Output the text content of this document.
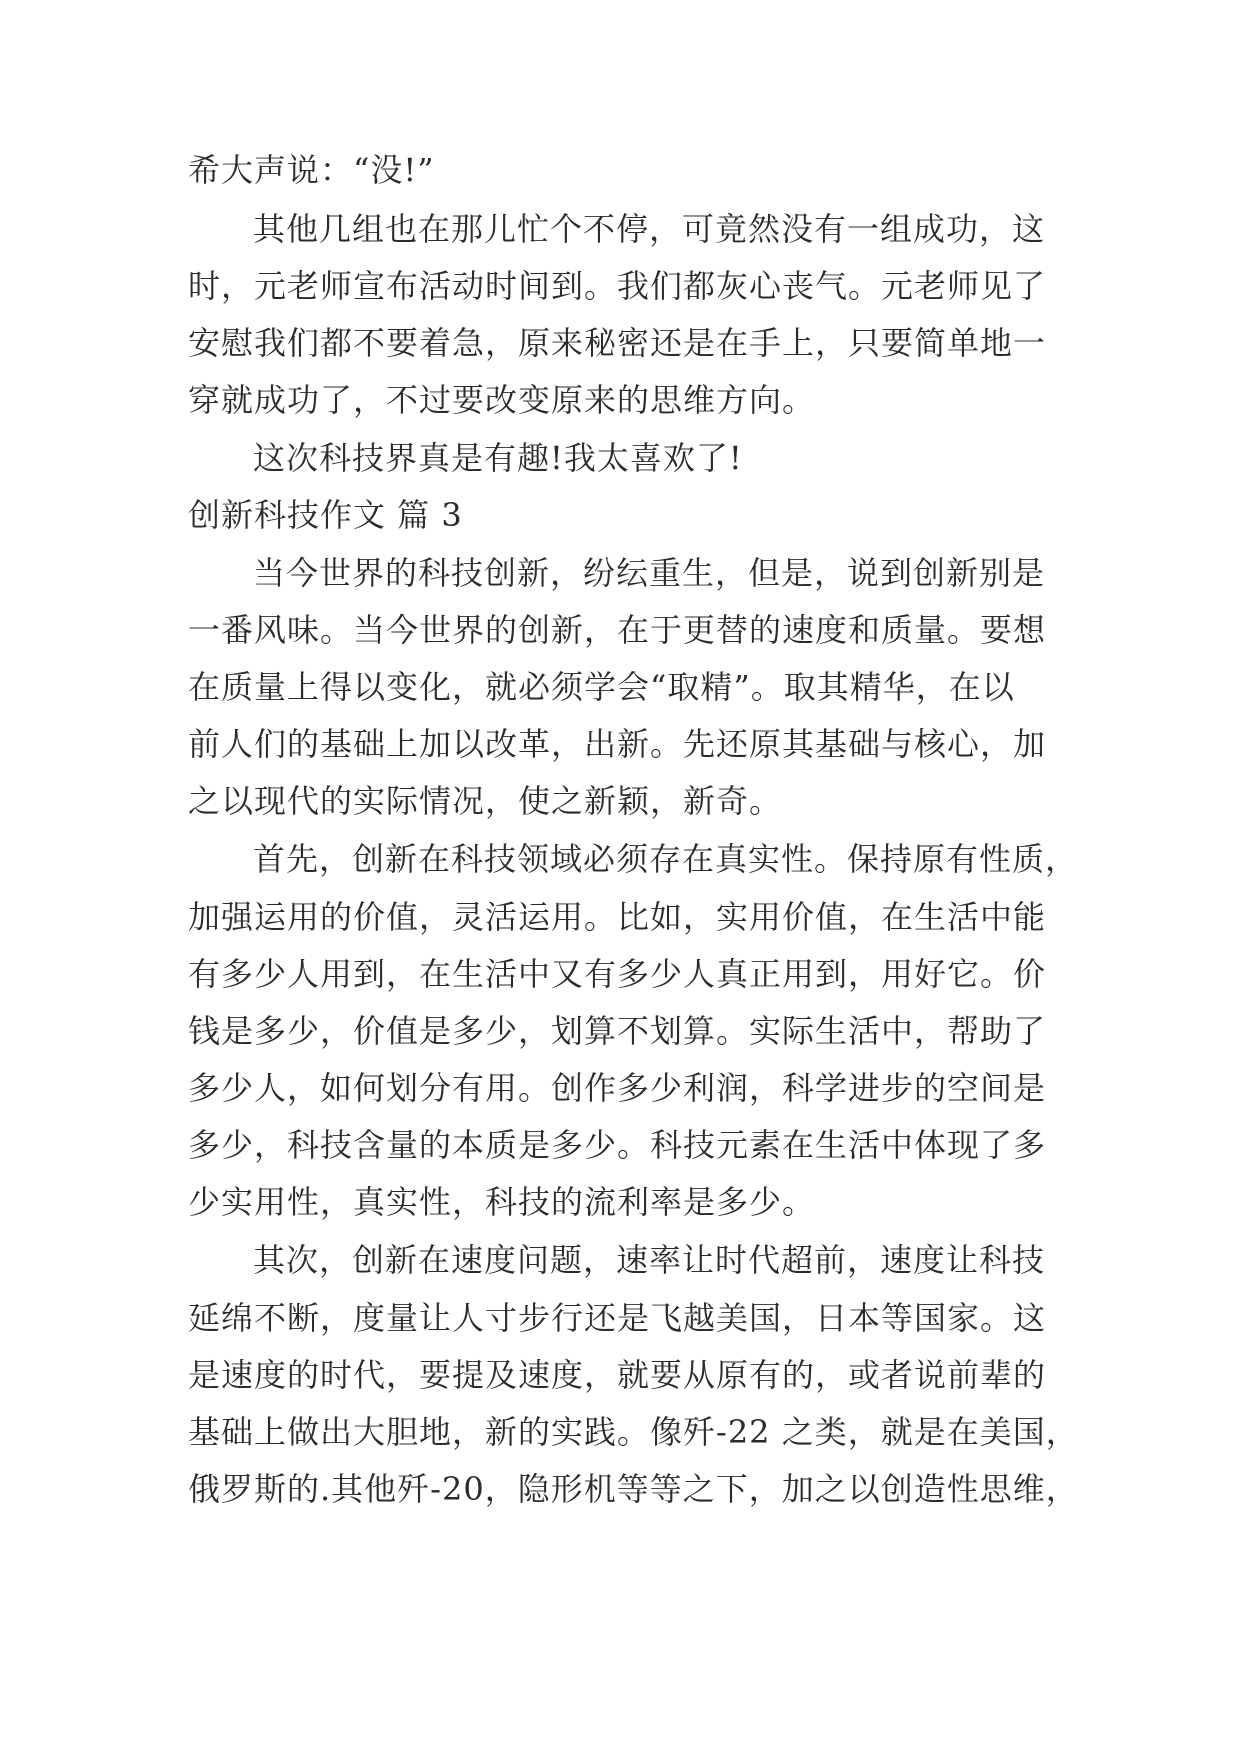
希大声说：“没!”
其他几组也在那儿忙个不停，可竟然没有一组成功，这
时，元老师宣布活动时间到。我们都灰心丧气。元老师见了
安慰我们都不要着急，原来秘密还是在手上，只要简单地一
穿就成功了，不过要改变原来的思维方向。
这次科技界真是有趣!我太喜欢了!
创新科技作文 篇 3
当今世界的科技创新，纷纭重生，但是，说到创新别是
一番风味。当今世界的创新，在于更替的速度和质量。要想
在质量上得以变化，就必须学会“取精”。取其精华，在以
前人们的基础上加以改革，出新。先还原其基础与核心，加
之以现代的实际情况，使之新颖，新奇。
首先，创新在科技领域必须存在真实性。保持原有性质，
加强运用的价值，灵活运用。比如，实用价值，在生活中能
有多少人用到，在生活中又有多少人真正用到，用好它。价
钱是多少，价值是多少，划算不划算。实际生活中，帮助了
多少人，如何划分有用。创作多少利润，科学进步的空间是
多少，科技含量的本质是多少。科技元素在生活中体现了多
少实用性，真实性，科技的流利率是多少。
其次，创新在速度问题，速率让时代超前，速度让科技
延绵不断，度量让人寸步行还是飞越美国，日本等国家。这
是速度的时代，要提及速度，就要从原有的，或者说前辈的
基础上做出大胆地，新的实践。像歼-22 之类，就是在美国，
俄罗斯的.其他歼-20，隐形机等等之下，加之以创造性思维，
